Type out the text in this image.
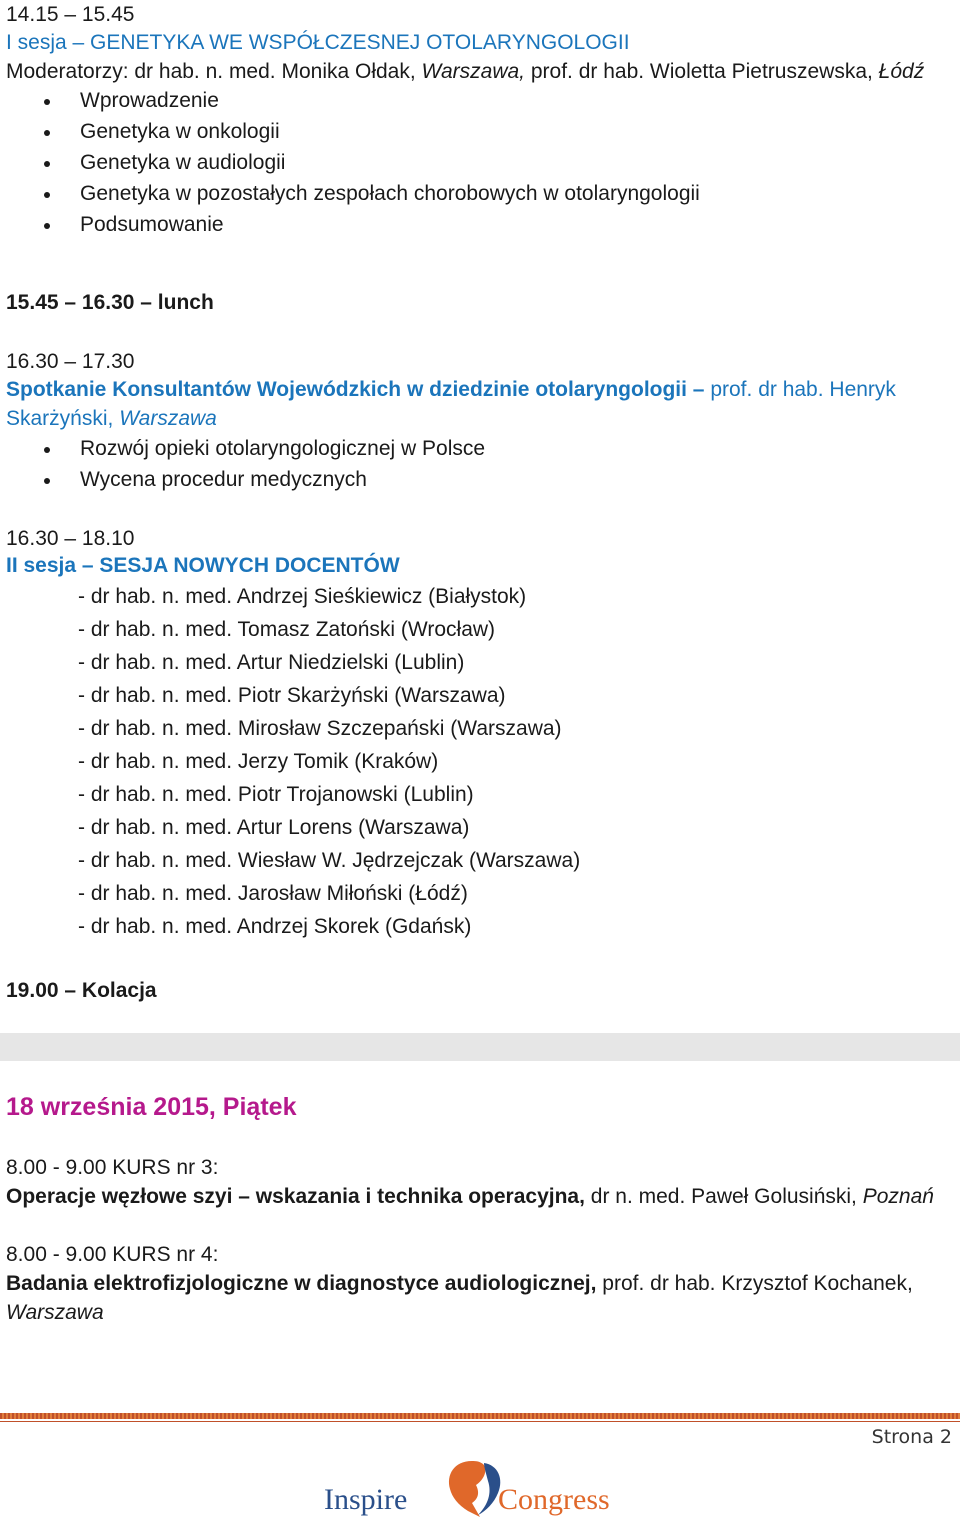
14.15 – 15.45
I sesja – GENETYKA WE WSPÓŁCZESNEJ OTOLARYNGOLOGII
Moderatorzy: dr hab. n. med. Monika Ołdak, Warszawa, prof. dr hab. Wioletta Pietruszewska, Łódź
Wprowadzenie
Genetyka w onkologii
Genetyka w audiologii
Genetyka w pozostałych zespołach chorobowych w otolaryngologii
Podsumowanie
15.45 – 16.30 – lunch
16.30 – 17.30
Spotkanie Konsultantów Wojewódzkich w dziedzinie otolaryngologii – prof. dr hab. Henryk
Skarżyński, Warszawa
Rozwój opieki otolaryngologicznej w Polsce
Wycena procedur medycznych
16.30 – 18.10
II sesja – SESJA NOWYCH DOCENTÓW
- dr hab. n. med. Andrzej Sieśkiewicz (Białystok)
- dr hab. n. med. Tomasz Zatoński (Wrocław)
- dr hab. n. med. Artur Niedzielski (Lublin)
- dr hab. n. med. Piotr Skarżyński (Warszawa)
- dr hab. n. med. Mirosław Szczepański (Warszawa)
- dr hab. n. med. Jerzy Tomik (Kraków)
- dr hab. n. med. Piotr Trojanowski (Lublin)
- dr hab. n. med. Artur Lorens (Warszawa)
- dr hab. n. med. Wiesław W. Jędrzejczak (Warszawa)
- dr hab. n. med. Jarosław Miłoński (Łódź)
- dr hab. n. med. Andrzej Skorek (Gdańsk)
19.00 – Kolacja
18 września 2015, Piątek
8.00 - 9.00 KURS nr 3:
Operacje węzłowe szyi – wskazania i technika operacyjna, dr n. med. Paweł Golusiński, Poznań
8.00 - 9.00 KURS nr 4:
Badania elektrofizjologiczne w diagnostyce audiologicznej, prof. dr hab. Krzysztof Kochanek,
Warszawa
Strona 2
Inspire	Congress
